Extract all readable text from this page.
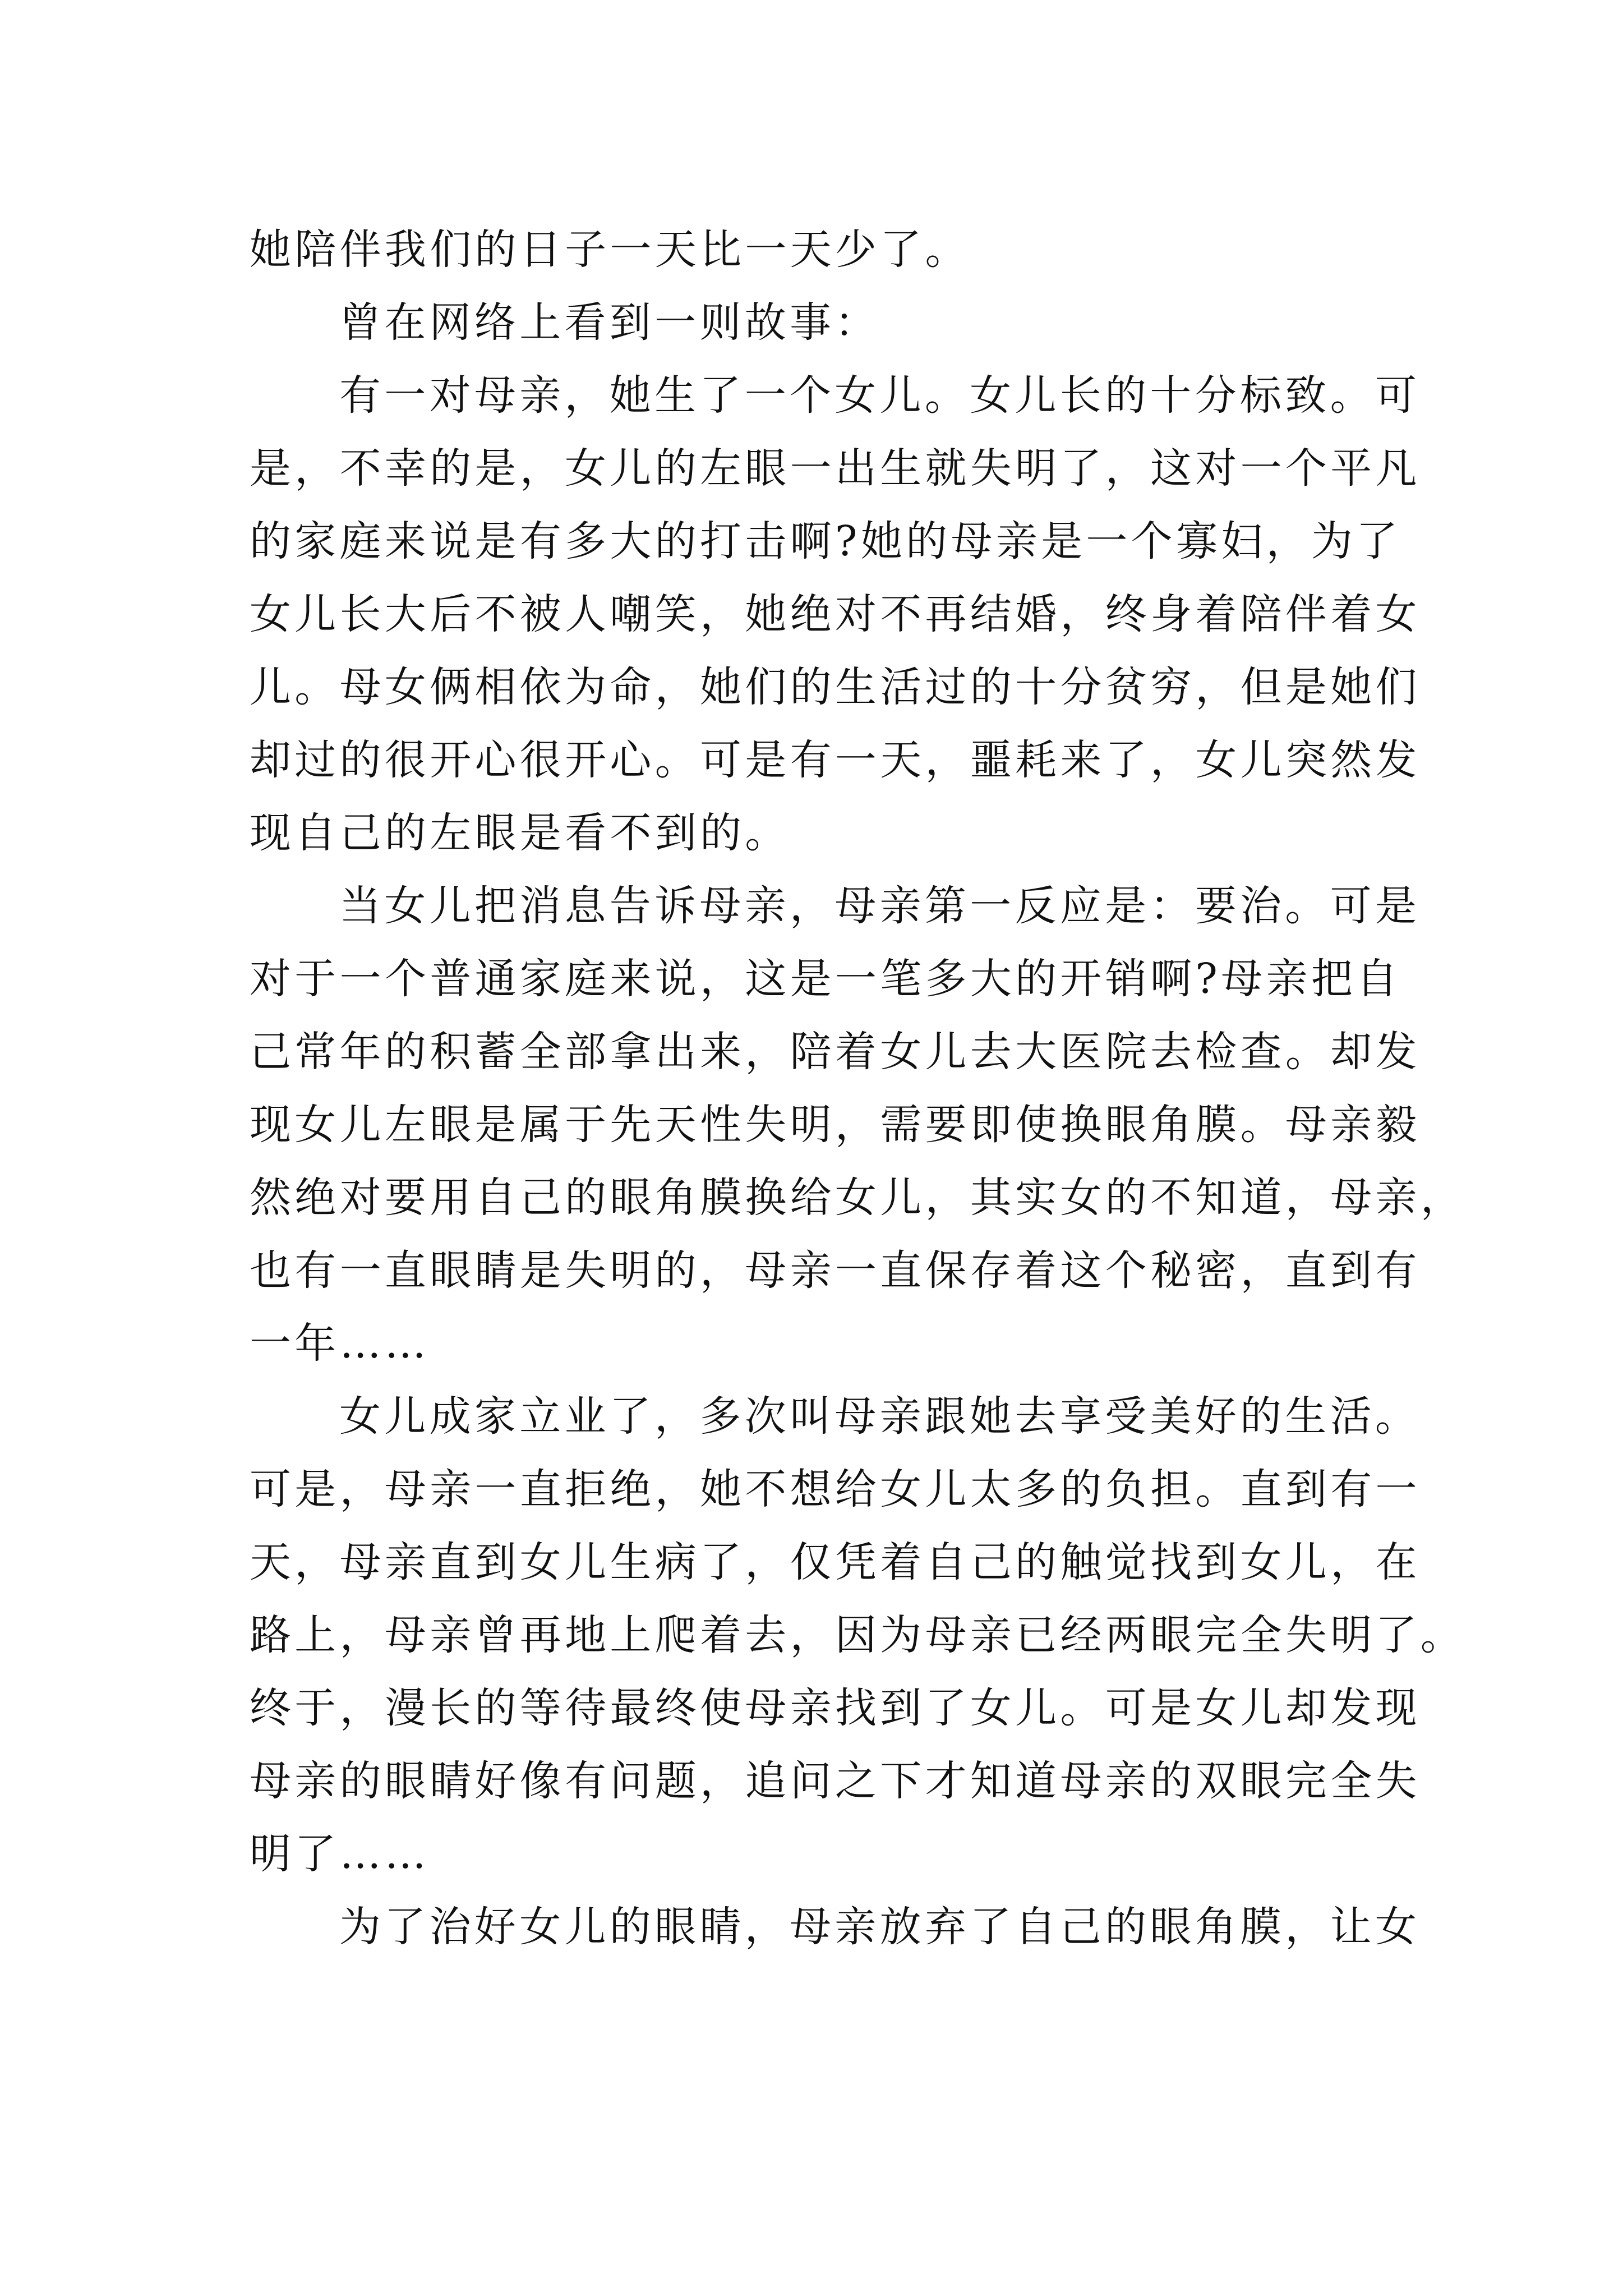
她陪伴我们的日子一天比一天少了。
曾在网络上看到一则故事：
有一对母亲，她生了一个女儿。女儿长的十分标致。可
是，不幸的是，女儿的左眼一出生就失明了，这对一个平凡
的家庭来说是有多大的打击啊?她的母亲是一个寡妇，为了
女儿长大后不被人嘲笑，她绝对不再结婚，终身着陪伴着女
儿。母女俩相依为命，她们的生活过的十分贫穷，但是她们
却过的很开心很开心。可是有一天，噩耗来了，女儿突然发
现自己的左眼是看不到的。
当女儿把消息告诉母亲，母亲第一反应是：要治。可是
对于一个普通家庭来说，这是一笔多大的开销啊?母亲把自
己常年的积蓄全部拿出来，陪着女儿去大医院去检查。却发
现女儿左眼是属于先天性失明，需要即使换眼角膜。母亲毅
然绝对要用自己的眼角膜换给女儿，其实女的不知道，母亲，
也有一直眼睛是失明的，母亲一直保存着这个秘密，直到有
一年……
女儿成家立业了，多次叫母亲跟她去享受美好的生活。
可是，母亲一直拒绝，她不想给女儿太多的负担。直到有一
天，母亲直到女儿生病了，仅凭着自己的触觉找到女儿，在
路上，母亲曾再地上爬着去，因为母亲已经两眼完全失明了。
终于，漫长的等待最终使母亲找到了女儿。可是女儿却发现
母亲的眼睛好像有问题，追问之下才知道母亲的双眼完全失
明了……
为了治好女儿的眼睛，母亲放弃了自己的眼角膜，让女
